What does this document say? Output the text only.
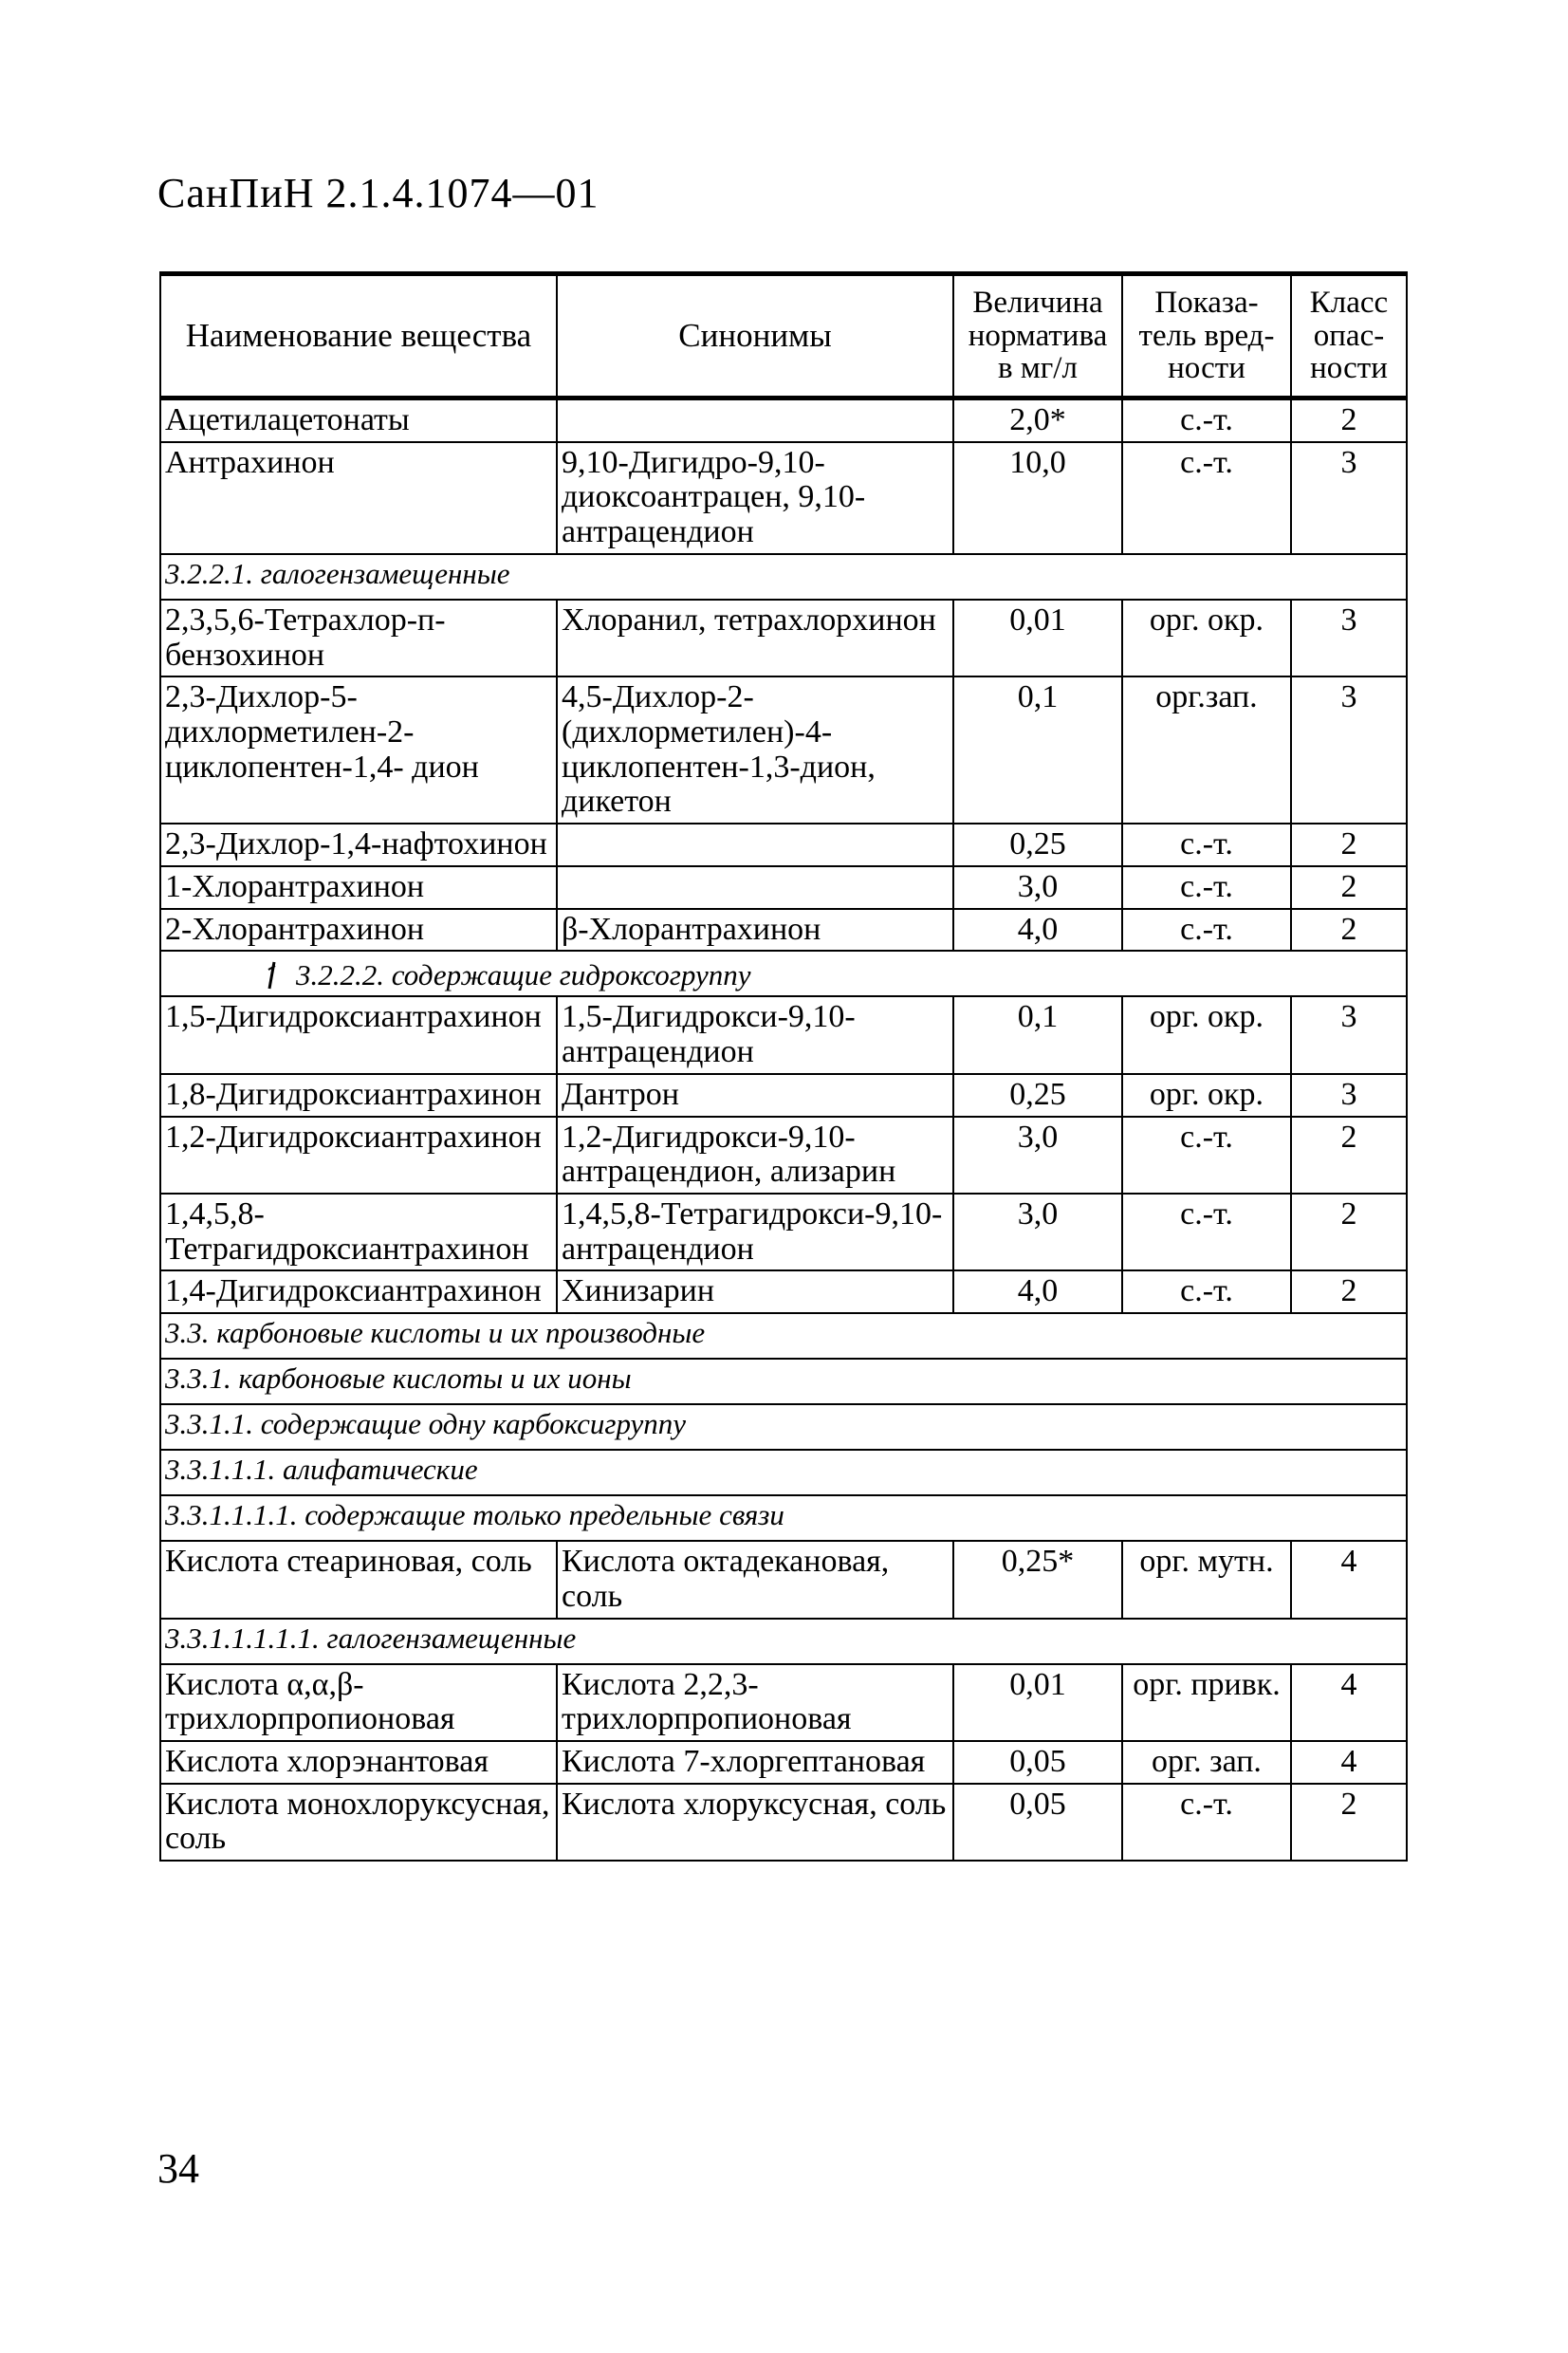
СанПиН 2.1.4.1074—01
Наименование вещества	Синонимы	Величина норматива в мг/л	Показа-тель вред-ности	Класс опас-ности
Ацетилацетонаты		2,0*	с.-т.	2
Антрахинон	9,10-Дигидро-9,10-диоксоантрацен, 9,10-антрацендион	10,0	с.-т.	3
3.2.2.1. галогензамещенные				
2,3,5,6-Тетрахлор-п-бензохинон	Хлоранил, тетрахлорхинон	0,01	орг. окр.	3
2,3-Дихлор-5-дихлорметилен-2-циклопентен-1,4- дион	4,5-Дихлор-2-(дихлорметилен)-4-циклопентен-1,3-дион, дикетон	0,1	орг.зап.	3
2,3-Дихлор-1,4-нафтохинон		0,25	с.-т.	2
1-Хлорантрахинон		3,0	с.-т.	2
2-Хлорантрахинон	β-Хлорантрахинон	4,0	с.-т.	2
3.2.2.2. содержащие гидроксогруппу				
1,5-Дигидроксиантрахинон	1,5-Дигидрокси-9,10-антрацендион	0,1	орг. окр.	3
1,8-Дигидроксиантрахинон	Дантрон	0,25	орг. окр.	3
1,2-Дигидроксиантрахинон	1,2-Дигидрокси-9,10-антрацендион, ализарин	3,0	с.-т.	2
1,4,5,8-Тетрагидроксиантрахинон	1,4,5,8-Тетрагидрокси-9,10-антрацендион	3,0	с.-т.	2
1,4-Дигидроксиантрахинон	Хинизарин	4,0	с.-т.	2
3.3. карбоновые кислоты и их производные				
3.3.1. карбоновые кислоты и их ионы				
3.3.1.1. содержащие одну карбоксигруппу				
3.3.1.1.1. алифатические				
3.3.1.1.1.1. содержащие только предельные связи				
Кислота стеариновая, соль	Кислота октадекановая, соль	0,25*	орг. мутн.	4
3.3.1.1.1.1.1. галогензамещенные				
Кислота α,α,β-трихлорпропионовая	Кислота 2,2,3-трихлорпропионовая	0,01	орг. привк.	4
Кислота хлорэнантовая	Кислота 7-хлоргептановая	0,05	орг. зап.	4
Кислота монохлоруксусная, соль	Кислота хлоруксусная, соль	0,05	с.-т.	2
34
